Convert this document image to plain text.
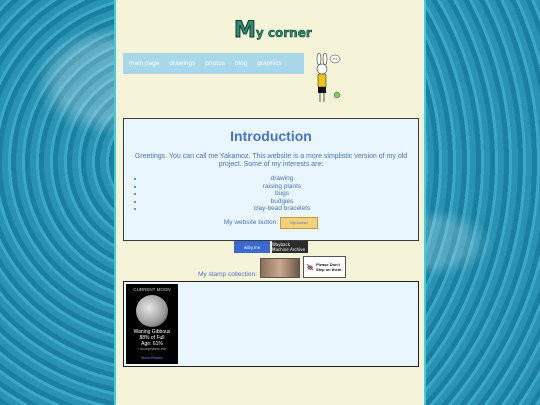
My corner
main page drawings photos blog graphics
Introduction

Greetings. You can call me Yakamoz. This website is a more simplistic version of my old project. Some of my interests are:

• drawing
• raising plants
• bugs
• budgies
• clay-bead bracelets
My website button:	My corner
wiby.me	Wayback Machine Archive
My stamp collection:
Please Don't Step on them
CURRENT MOON
Waning Gibbous
88% of Full
Age: 61%
• moonphases.info
--
Moon Phases
